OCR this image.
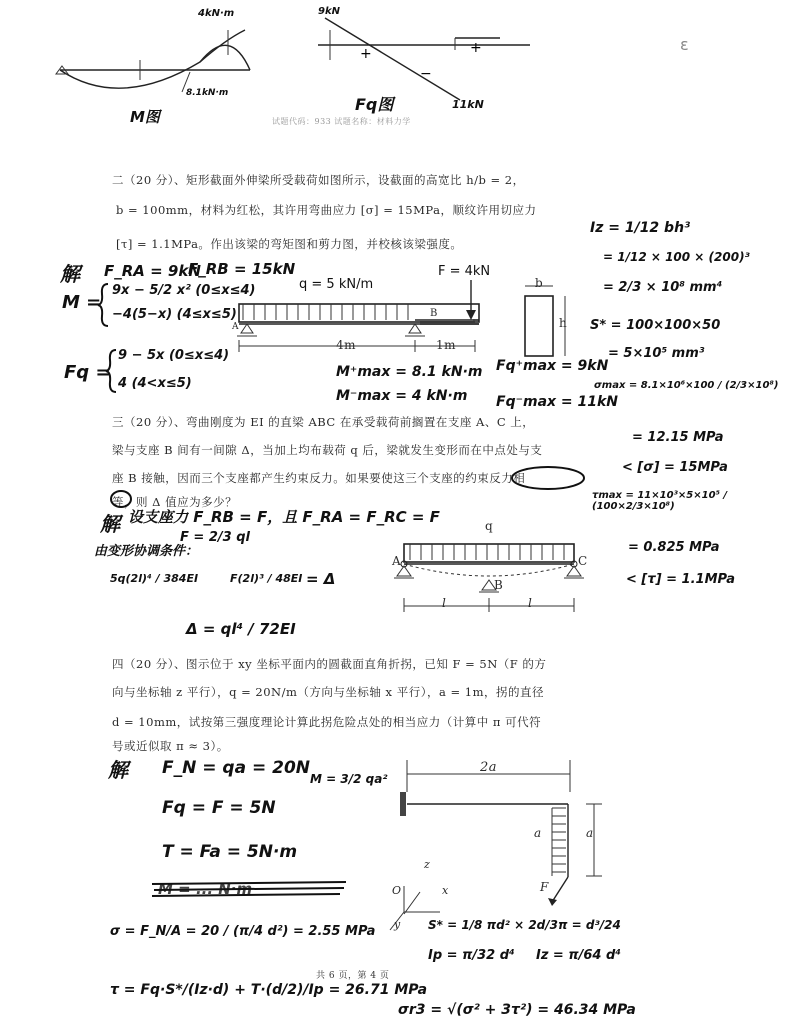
+	+
−
ɛ
4kN·m	9kN
11kN
8.1kN·m
M图
Fq图
试题代码：933 试题名称：材料力学
二（20 分）、矩形截面外伸梁所受载荷如图所示，设截面的高宽比 h/b = 2，
b = 100mm，材料为红松，其许用弯曲应力 [σ] = 15MPa，顺纹许用切应力
[τ] = 1.1MPa。作出该梁的弯矩图和剪力图，并校核该梁强度。
q = 5 kN/m
F = 4kN
4m	1m
A
B
b
h
解 F_RA = 9kN
F_RB = 15kN
M =
9x − 5/2 x² (0≤x≤4)
−4(5−x) (4≤x≤5)
Fq =
9 − 5x (0≤x≤4)
4 (4<x≤5)
M⁺max = 8.1 kN·m
M⁻max = 4 kN·m
Fq⁺max = 9kN
Fq⁻max = 11kN
Iz = 1/12 bh³
= 1/12 × 100 × (200)³
= 2/3 × 10⁸ mm⁴
S* = 100×100×50
= 5×10⁵ mm³
σmax = 8.1×10⁶×100 / (2/3×10⁸)
= 12.15 MPa
< [σ] = 15MPa
τmax = 11×10³×5×10⁵ / (100×2/3×10⁸)
= 0.825 MPa
< [τ] = 1.1MPa
三（20 分）、弯曲刚度为 EI 的直梁 ABC 在承受载荷前搁置在支座 A、C 上，
梁与支座 B 间有一间隙 Δ，当加上均布载荷 q 后，梁就发生变形而在中点处与支
座 B 接触，因而三个支座都产生约束反力。如果要使这三个支座的约束反力相
等，则 Δ 值应为多少？
q
A
B
C
l	l
解 设支座力 F_RB = F，且 F_RA = F_RC = F
由变形协调条件：
F = 2/3 ql
5q(2l)⁴ / 384EI	F(2l)³ / 48EI = Δ
Δ = ql⁴ / 72EI
四（20 分）、图示位于 xy 坐标平面内的圆截面直角折拐，已知 F = 5N（F 的方
向与坐标轴 z 平行），q = 20N/m（方向与坐标轴 x 平行），a = 1m，拐的直径
d = 10mm，试按第三强度理论计算此拐危险点处的相当应力（计算中 π 可代符
号或近似取 π ≈ 3）。
2a
a	a
F
z
x
O
y
解 F_N = qa = 20N
M = 3/2 qa²
Fq = F = 5N
T = Fa = 5N·m
M = ... N·m
σ = F_N/A = 20 / (π/4 d²) = 2.55 MPa	S* = 1/8 πd² × 2d/3π = d³/24
Ip = π/32 d⁴ Iz = π/64 d⁴
τ = Fq·S*/(Iz·d) + T·(d/2)/Ip = 26.71 MPa
σr3 = √(σ² + 3τ²) = 46.34 MPa
共 6 页，第 4 页
